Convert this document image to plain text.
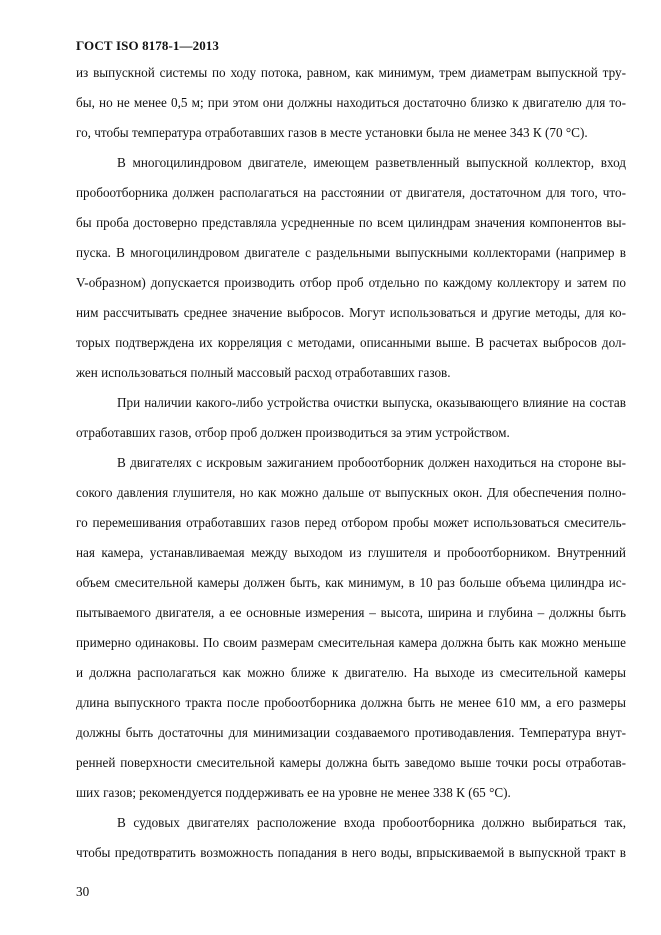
ГОСТ ISO 8178-1—2013
из выпускной системы по ходу потока, равном, как минимум, трем диаметрам выпускной тру-
бы, но не менее 0,5 м; при этом они должны находиться достаточно близко к двигателю для то-
го, чтобы температура отработавших газов в месте установки была не менее 343 К (70 °С).
В многоцилиндровом двигателе, имеющем разветвленный выпускной коллектор, вход
пробоотборника должен располагаться на расстоянии от двигателя, достаточном для того, что-
бы проба достоверно представляла усредненные по всем цилиндрам значения компонентов вы-
пуска. В многоцилиндровом двигателе с раздельными выпускными коллекторами (например в
V-образном) допускается производить отбор проб отдельно по каждому коллектору и затем по
ним рассчитывать среднее значение выбросов. Могут использоваться и другие методы, для ко-
торых подтверждена их корреляция с методами, описанными выше. В расчетах выбросов дол-
жен использоваться полный массовый расход отработавших газов.
При наличии какого-либо устройства очистки выпуска, оказывающего влияние на состав
отработавших газов, отбор проб должен производиться за этим устройством.
В двигателях с искровым зажиганием пробоотборник должен находиться на стороне вы-
сокого давления глушителя, но как можно дальше от выпускных окон. Для обеспечения полно-
го перемешивания отработавших газов перед отбором пробы может использоваться смеситель-
ная камера, устанавливаемая между выходом из глушителя и пробоотборником. Внутренний
объем смесительной камеры должен быть, как минимум, в 10 раз больше объема цилиндра ис-
пытываемого двигателя, а ее основные измерения – высота, ширина и глубина – должны быть
примерно одинаковы. По своим размерам смесительная камера должна быть как можно меньше
и должна располагаться как можно ближе к двигателю. На выходе из смесительной камеры
длина выпускного тракта после пробоотборника должна быть не менее 610 мм, а его размеры
должны быть достаточны для минимизации создаваемого противодавления. Температура внут-
ренней поверхности смесительной камеры должна быть заведомо выше точки росы отработав-
ших газов; рекомендуется поддерживать ее на уровне не менее 338 К (65 °С).
В судовых двигателях расположение входа пробоотборника должно выбираться так,
чтобы предотвратить возможность попадания в него воды, впрыскиваемой в выпускной тракт в
30
